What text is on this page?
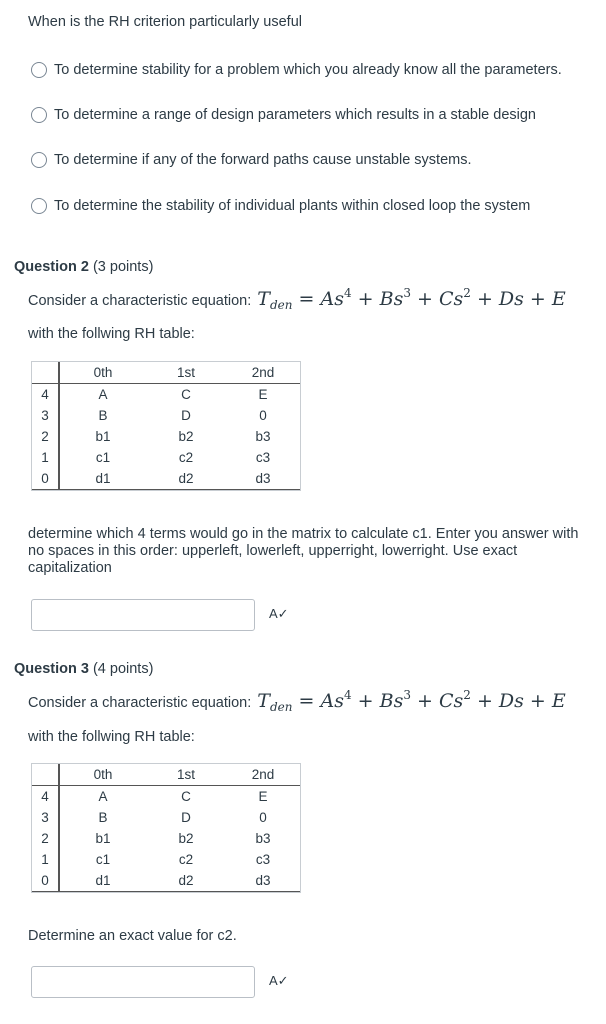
When is the RH criterion particularly useful
To determine stability for a problem which you already know all the parameters.
To determine a range of design parameters which results in a stable design
To determine if any of the forward paths cause unstable systems.
To determine the stability of individual plants within closed loop the system
Question 2 (3 points)
Consider a characteristic equation: $T_{den} = As^4 + Bs^3 + Cs^2 + Ds + E$
with the follwing RH table:
	0th	1st	2nd
4	A	C	E
3	B	D	0
2	b1	b2	b3
1	c1	c2	c3
0	d1	d2	d3
determine which 4 terms would go in the matrix to calculate c1. Enter you answer with no spaces in this order: upperleft, lowerleft, upperright, lowerright. Use exact capitalization
A✓
Question 3 (4 points)
Consider a characteristic equation: $T_{den} = As^4 + Bs^3 + Cs^2 + Ds + E$
with the follwing RH table:
	0th	1st	2nd
4	A	C	E
3	B	D	0
2	b1	b2	b3
1	c1	c2	c3
0	d1	d2	d3
Determine an exact value for c2.
A✓
